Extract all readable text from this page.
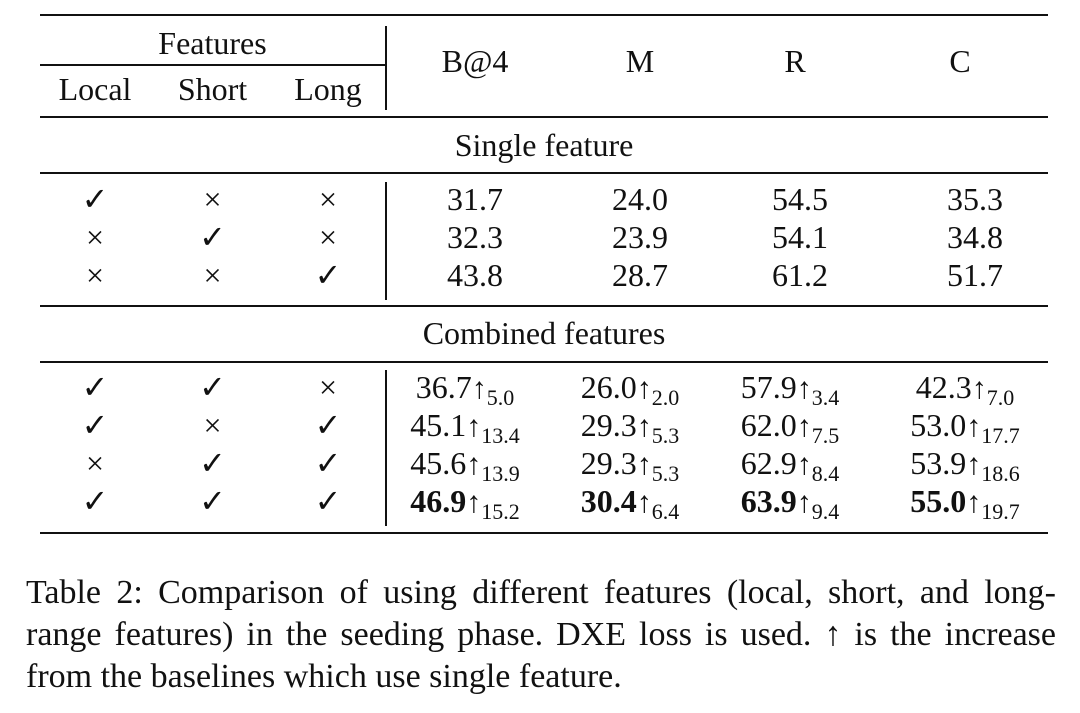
Features
Local	Short	Long
B@4	M	R	C
Single feature
✓	×	×	31.7	24.0	54.5	35.3
×	✓	×	32.3	23.9	54.1	34.8
×	×	✓	43.8	28.7	61.2	51.7
Combined features
✓	✓	×	$36.7↑_{5.0}$	$26.0↑_{2.0}$	$57.9↑_{3.4}$	$42.3↑_{7.0}$
✓	×	✓	$45.1↑_{13.4}$	$29.3↑_{5.3}$	$62.0↑_{7.5}$	$53.0↑_{17.7}$
×	✓	✓	$45.6↑_{13.9}$	$29.3↑_{5.3}$	$62.9↑_{8.4}$	$53.9↑_{18.6}$
✓	✓	✓	$46.9↑_{15.2}$	$30.4↑_{6.4}$	$63.9↑_{9.4}$	$55.0↑_{19.7}$
Table 2: Comparison of using different features (local, short, and long-range features) in the seeding phase. DXE loss is used. ↑ is the increase from the baselines which use single feature.
